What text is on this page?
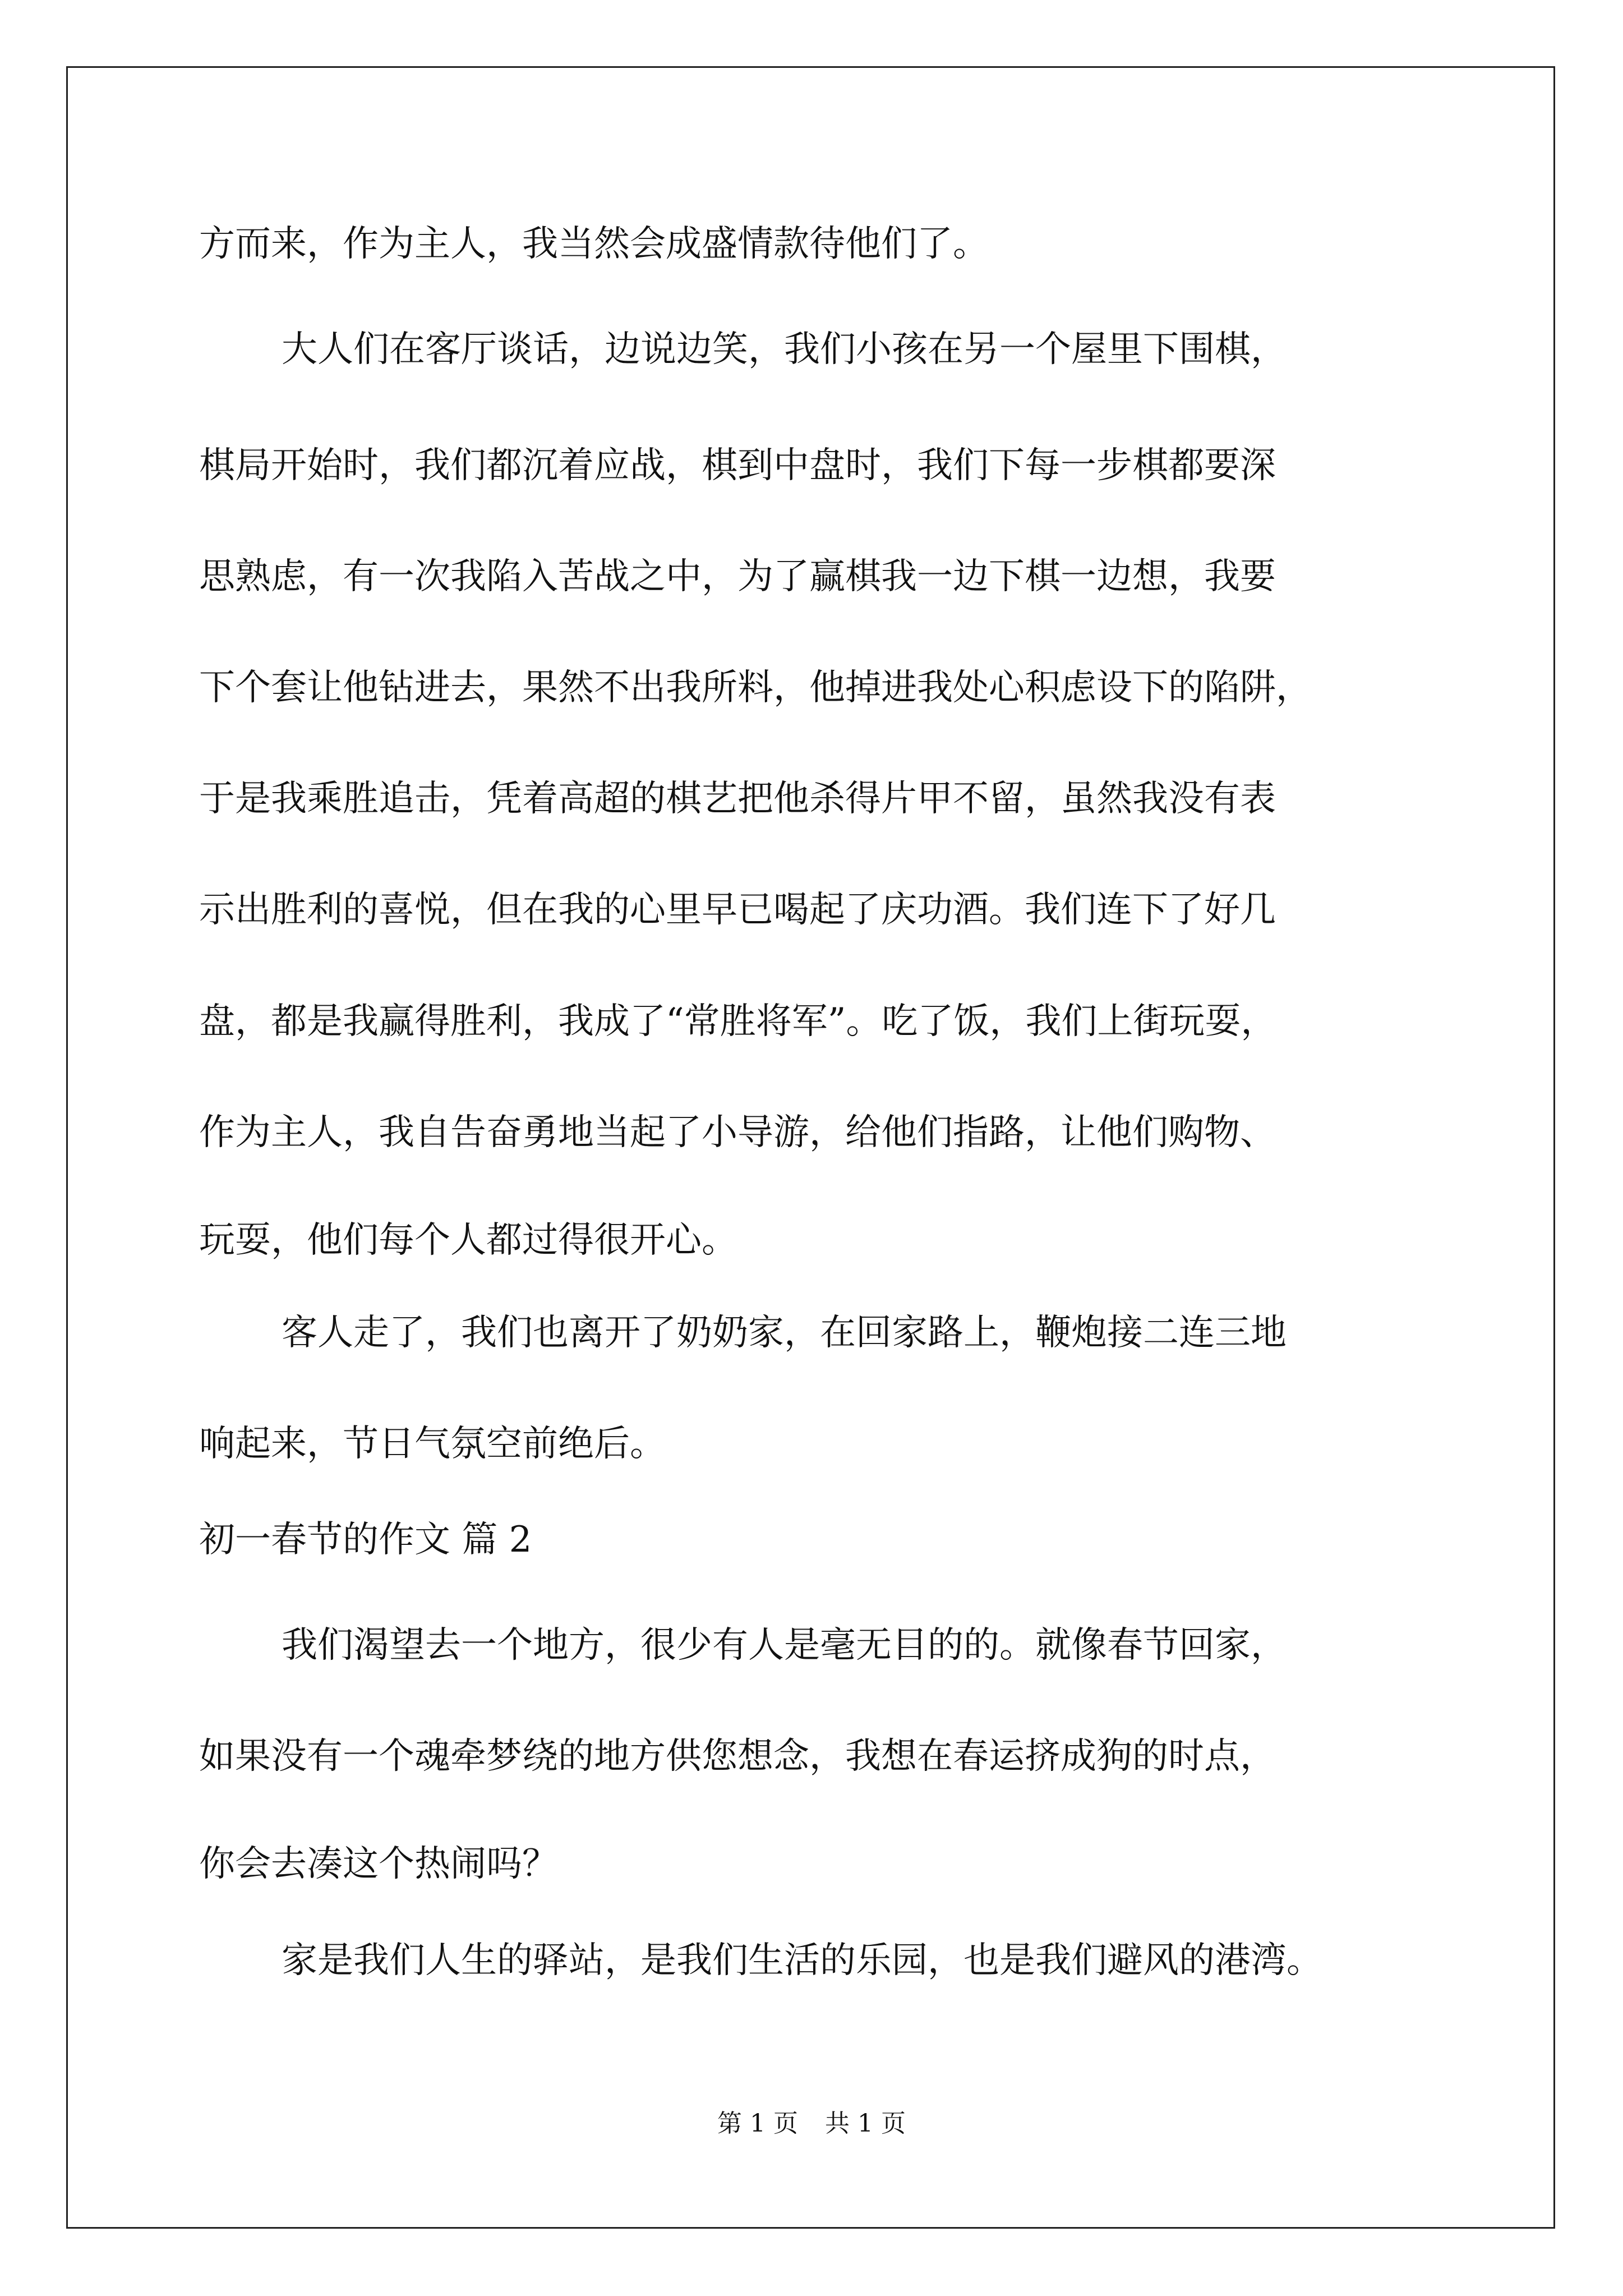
方而来，作为主人，我当然会成盛情款待他们了。
大人们在客厅谈话，边说边笑，我们小孩在另一个屋里下围棋，
棋局开始时，我们都沉着应战，棋到中盘时，我们下每一步棋都要深
思熟虑，有一次我陷入苦战之中，为了赢棋我一边下棋一边想，我要
下个套让他钻进去，果然不出我所料，他掉进我处心积虑设下的陷阱，
于是我乘胜追击，凭着高超的棋艺把他杀得片甲不留，虽然我没有表
示出胜利的喜悦，但在我的心里早已喝起了庆功酒。我们连下了好几
盘，都是我赢得胜利，我成了“常胜将军”。吃了饭，我们上街玩耍，
作为主人，我自告奋勇地当起了小导游，给他们指路，让他们购物、
玩耍，他们每个人都过得很开心。
客人走了，我们也离开了奶奶家，在回家路上，鞭炮接二连三地
响起来，节日气氛空前绝后。
初一春节的作文 篇 2
我们渴望去一个地方，很少有人是毫无目的的。就像春节回家，
如果没有一个魂牵梦绕的地方供您想念，我想在春运挤成狗的时点，
你会去凑这个热闹吗？
家是我们人生的驿站，是我们生活的乐园，也是我们避风的港湾。
第 1 页 共 1 页
